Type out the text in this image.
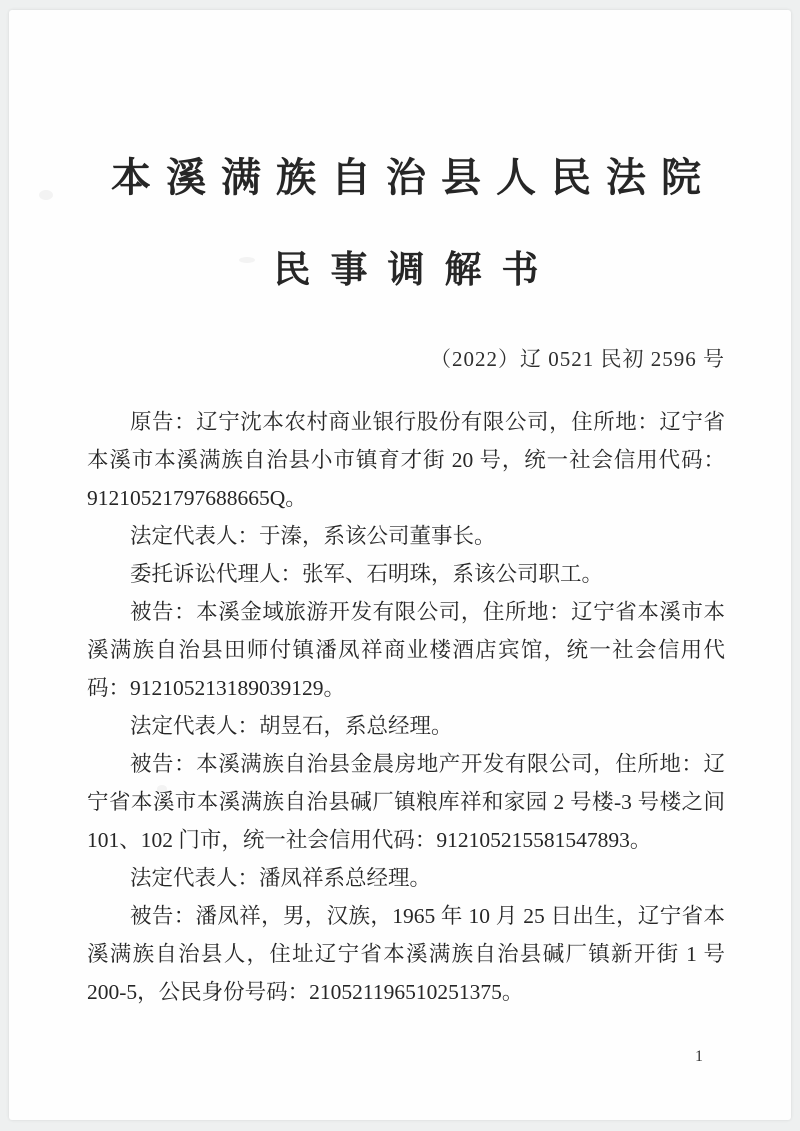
本溪满族自治县人民法院
民事调解书
（2022）辽 0521 民初 2596 号

原告：辽宁沈本农村商业银行股份有限公司，住所地：辽宁省本溪市本溪满族自治县小市镇育才街 20 号，统一社会信用代码：91210521797688665Q。

法定代表人：于溱，系该公司董事长。

委托诉讼代理人：张军、石明珠，系该公司职工。

被告：本溪金域旅游开发有限公司，住所地：辽宁省本溪市本溪满族自治县田师付镇潘凤祥商业楼酒店宾馆，统一社会信用代码：912105213189039129。

法定代表人：胡昱石，系总经理。

被告：本溪满族自治县金晨房地产开发有限公司，住所地：辽宁省本溪市本溪满族自治县碱厂镇粮库祥和家园 2 号楼-3 号楼之间 101、102 门市，统一社会信用代码：912105215581547893。

法定代表人：潘凤祥系总经理。

被告：潘凤祥，男，汉族，1965 年 10 月 25 日出生，辽宁省本溪满族自治县人，住址辽宁省本溪满族自治县碱厂镇新开街 1 号 200-5，公民身份号码：210521196510251375。

1
